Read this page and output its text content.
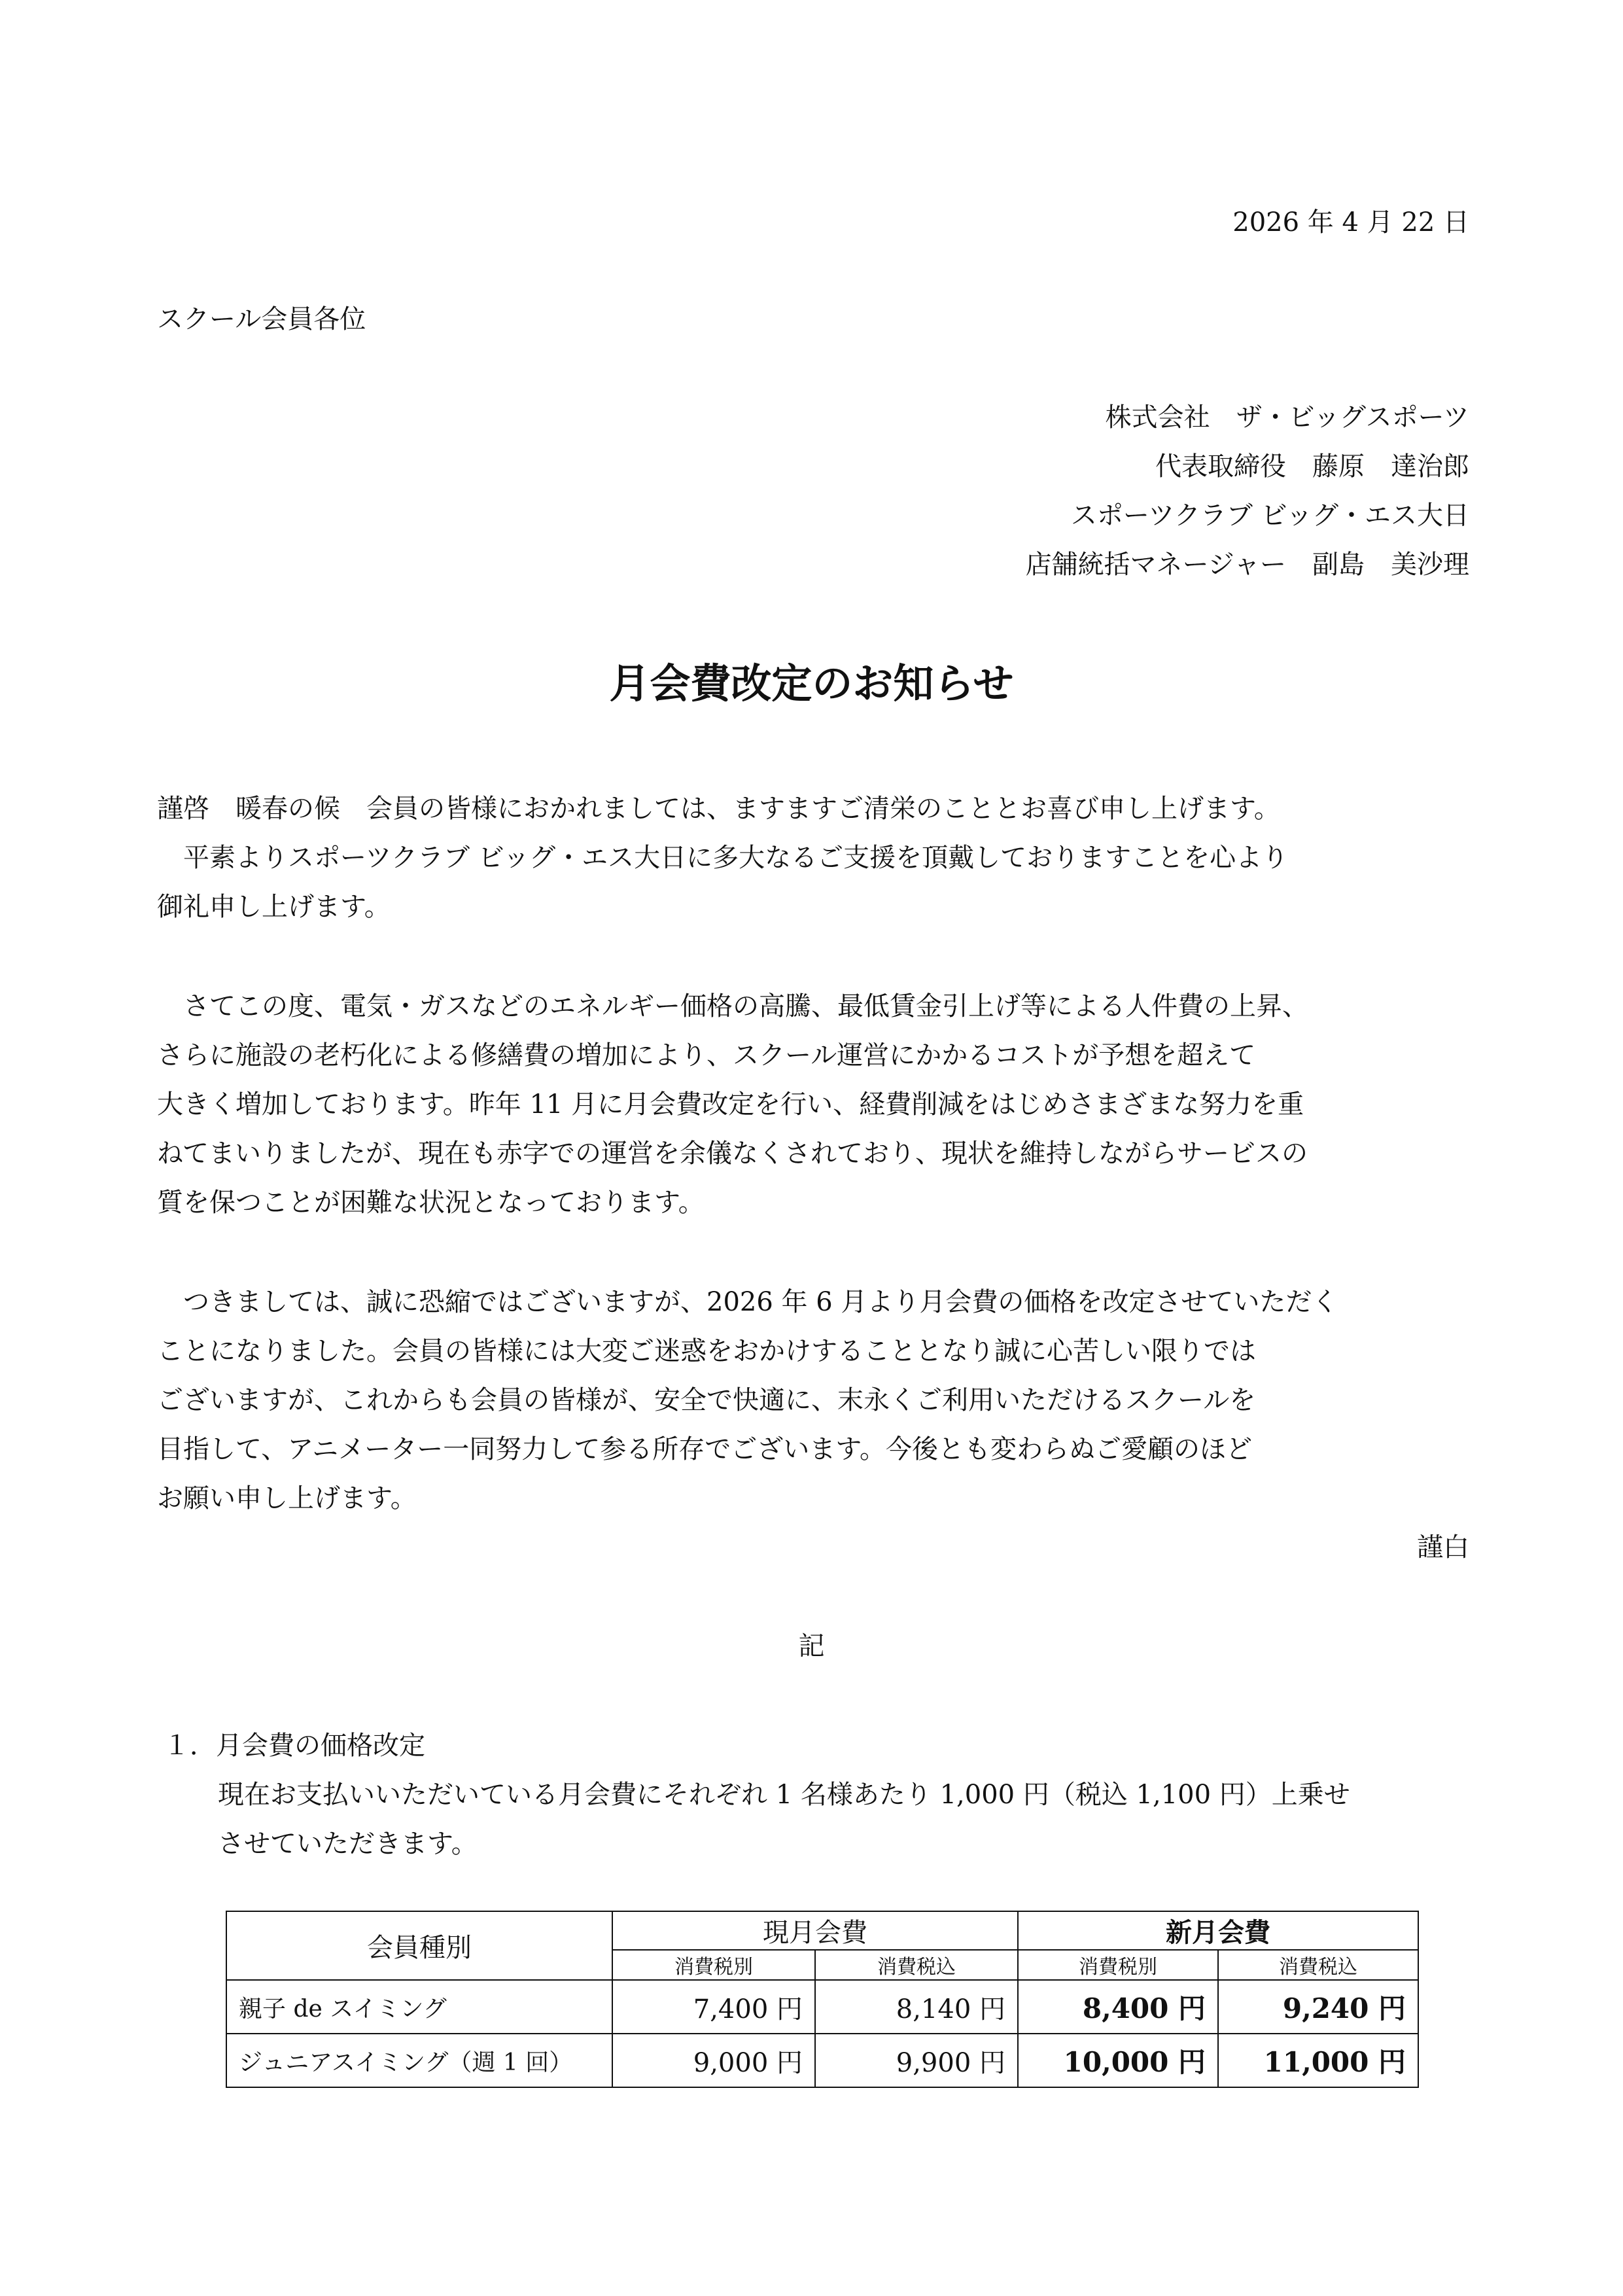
2026 年 4 月 22 日
スクール会員各位
株式会社　ザ・ビッグスポーツ
代表取締役　藤原　達治郎
スポーツクラブ ビッグ・エス大日
店舗統括マネージャー　副島　美沙理
月会費改定のお知らせ
謹啓　暖春の候　会員の皆様におかれましては、ますますご清栄のこととお喜び申し上げます。
　平素よりスポーツクラブ ビッグ・エス大日に多大なるご支援を頂戴しておりますことを心より
御礼申し上げます。
　さてこの度、電気・ガスなどのエネルギー価格の高騰、最低賃金引上げ等による人件費の上昇、
さらに施設の老朽化による修繕費の増加により、スクール運営にかかるコストが予想を超えて
大きく増加しております。昨年 11 月に月会費改定を行い、経費削減をはじめさまざまな努力を重
ねてまいりましたが、現在も赤字での運営を余儀なくされており、現状を維持しながらサービスの
質を保つことが困難な状況となっております。
　つきましては、誠に恐縮ではございますが、2026 年 6 月より月会費の価格を改定させていただく
ことになりました。会員の皆様には大変ご迷惑をおかけすることとなり誠に心苦しい限りでは
ございますが、これからも会員の皆様が、安全で快適に、末永くご利用いただけるスクールを
目指して、アニメーター一同努力して参る所存でございます。今後とも変わらぬご愛顧のほど
お願い申し上げます。
謹白
記
１．月会費の価格改定
現在お支払いいただいている月会費にそれぞれ 1 名様あたり 1,000 円（税込 1,100 円）上乗せ
させていただきます。
会員種別	現月会費		新月会費	
	消費税別	消費税込	消費税別	消費税込
親子 de スイミング	7,400 円	8,140 円	8,400 円	9,240 円
ジュニアスイミング（週 1 回）	9,000 円	9,900 円	10,000 円	11,000 円
